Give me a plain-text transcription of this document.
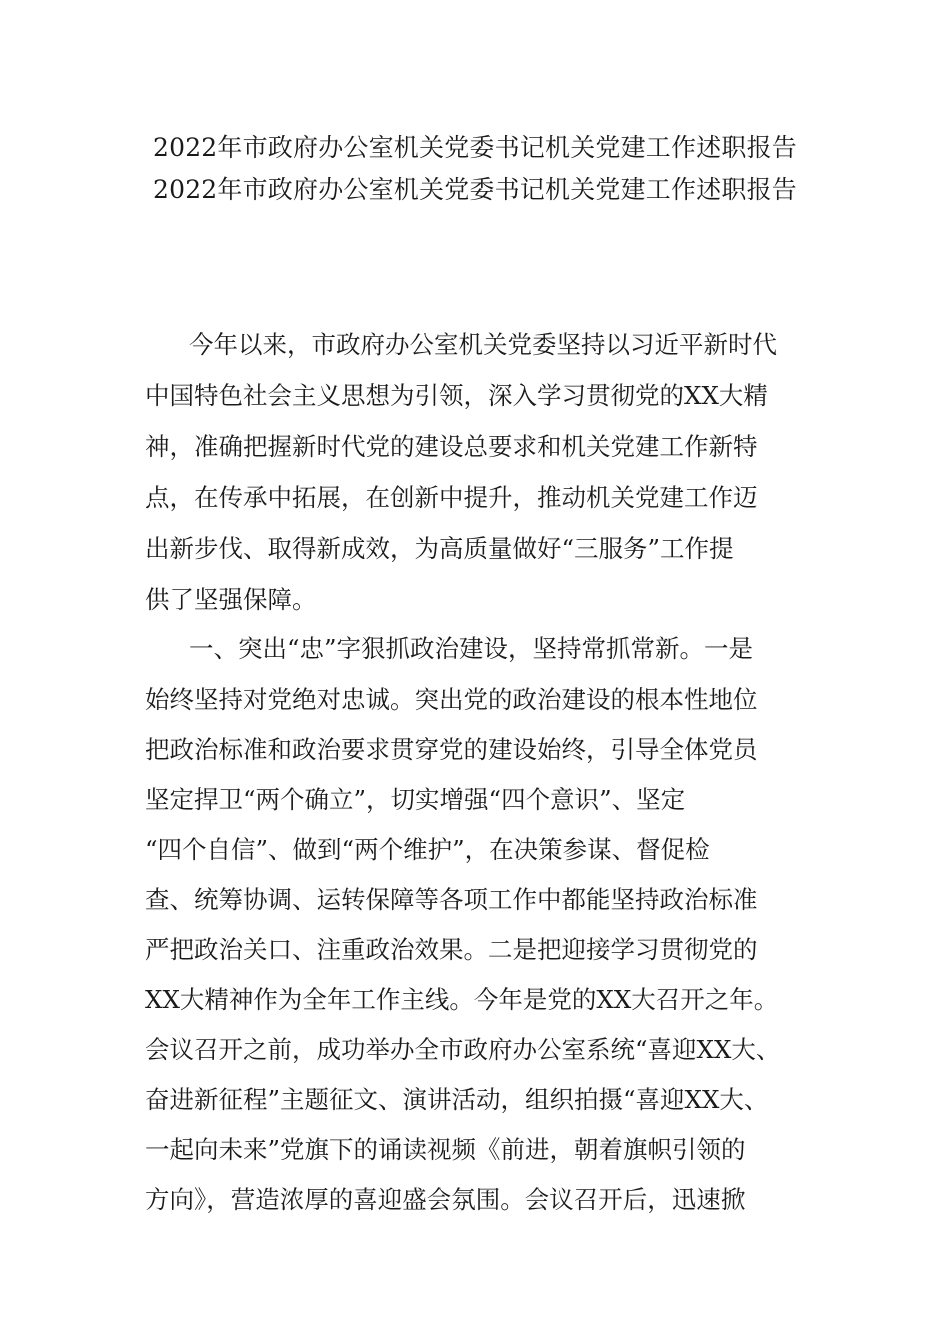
2022年市政府办公室机关党委书记机关党建工作述职报告
2022年市政府办公室机关党委书记机关党建工作述职报告
今年以来，市政府办公室机关党委坚持以习近平新时代
中国特色社会主义思想为引领，深入学习贯彻党的XX大精
神，准确把握新时代党的建设总要求和机关党建工作新特
点，在传承中拓展，在创新中提升，推动机关党建工作迈
出新步伐、取得新成效，为高质量做好“三服务”工作提
供了坚强保障。
一、突出“忠”字狠抓政治建设，坚持常抓常新。一是
始终坚持对党绝对忠诚。突出党的政治建设的根本性地位
把政治标准和政治要求贯穿党的建设始终，引导全体党员
坚定捍卫“两个确立”，切实增强“四个意识”、坚定
“四个自信”、做到“两个维护”，在决策参谋、督促检
查、统筹协调、运转保障等各项工作中都能坚持政治标准
严把政治关口、注重政治效果。二是把迎接学习贯彻党的
XX大精神作为全年工作主线。今年是党的XX大召开之年。
会议召开之前，成功举办全市政府办公室系统“喜迎XX大、
奋进新征程”主题征文、演讲活动，组织拍摄“喜迎XX大、
一起向未来”党旗下的诵读视频《前进，朝着旗帜引领的
方向》，营造浓厚的喜迎盛会氛围。会议召开后，迅速掀
